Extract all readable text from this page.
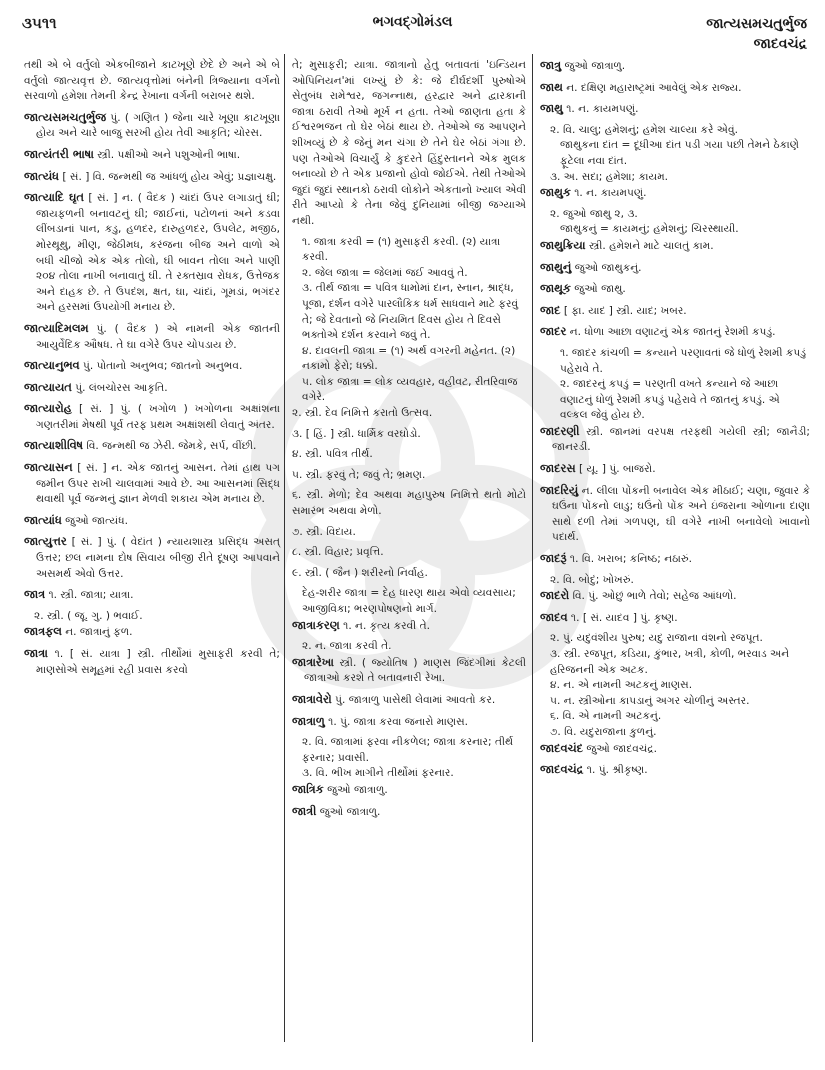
૩૫૧૧	ભગવદ્ગોમંડલ	જાત્યસમચતુર્ભુજ
જાદવચંદ્ર

તથી એ બે વર્તુલો એકબીજાને કાટખૂણે છેદે છે અને એ બે વર્તુલો જાત્યવૃત્ત છે. જાત્યવૃત્તોમાં બંનેની ત્રિજ્યાના વર્ગનો સરવાળો હમેશા તેમની કેન્દ્ર રેખાના વર્ગની બરાબર થશે.

જાત્યસમચતુર્ભુજ પું. ( ગણિત ) જેના ચારે ખૂણા કાટખૂણા હોય અને ચારે બાજુ સરખી હોય તેવી આકૃતિ; ચોરસ.

જાત્યંતરી ભાષા સ્ત્રી. પક્ષીઓ અને પશુઓની ભાષા.

જાત્યંધ [ સં. ] વિ. જન્મથી જ આંધળું હોય એવું; પ્રજ્ઞાચક્ષુ.

જાત્યાદિ ઘૃત [ સં. ] ન. ( વૈદક ) ચાંદાં ઉપર લગાડાતું ઘી; જાયફળની બનાવટનું ઘી; જાઈનાં, પટોળનાં અને કડવા લીંબડાનાં પાન, કડુ, હળદર, દારુહળદર, ઉપલેટ, મજીઠ, મોરથૂથુ, મીણ, જેઠીમધ, કરંજના બીજ અને વાળો એ બધી ચીજો એક એક તોલો, ઘી બાવન તોલા અને પાણી ૨૦૪ તોલા નાખી બનાવાતું ઘી. તે રક્તસ્રાવ રોધક, ઉત્તેજક અને દાહક છે. તે ઉપદંશ, ક્ષત, ઘા, ચાંદાં, ગૂમડાં, ભગંદર અને હરસમાં ઉપયોગી મનાય છે.

જાત્યાદિમલમ પું. ( વૈદક ) એ નામની એક જાતની આયુર્વેદિક ઔષધ. તે ઘા વગેરે ઉપર ચોપડાય છે.

જાત્યાનુભવ પું. પોતાનો અનુભવ; જાતનો અનુભવ.

જાત્યાયત પું. લંબચોરસ આકૃતિ.

જાત્યારોહ [ સં. ] પું. ( ખગોળ ) ખગોળના અક્ષાંશના ગણતરીમાં મેષથી પૂર્વ તરફ પ્રથમ અક્ષાંશથી લેવાતું અંતર.

જાત્યાશીવિષ વિ. જન્મથી જ ઝેરી. જેમકે, સર્પ, વીંછી.

જાત્યાસન [ સં. ] ન. એક જાતનું આસન. તેમાં હાથ પગ જમીન ઉપર રાખી ચાલવામાં આવે છે. આ આસનમાં સિદ્ધ થવાથી પૂર્વ જન્મનું જ્ઞાન મેળવી શકાય એમ મનાય છે.

જાત્યાંધ જુઓ જાત્યંધ.

જાત્યુત્તર [ સં. ] પું. ( વેદાંત ) ન્યાયશાસ્ત્ર પ્રસિદ્ધ અસત્ ઉત્તર; છલ નામના દોષ સિવાય બીજી રીતે દૂષણ આપવાને અસમર્થ એવો ઉત્તર.

જાત્ર ૧. સ્ત્રી. જાત્રા; યાત્રા.

૨. સ્ત્રી. ( જૂ. ગુ. ) ભવાઈ.

જાત્રફલ ન. જાત્રાનું ફળ.

જાત્રા ૧. [ સં. યાત્રા ] સ્ત્રી. તીર્થોમાં મુસાફરી કરવી તે; માણસોએ સમૂહમાં રહી પ્રવાસ કરવો

તે; મુસાફરી; યાત્રા. જાત્રાનો હેતુ બતાવતાં 'ઇન્ડિયન ઓપિનિયન'માં લખ્યું છે કે: જે દીર્ઘદર્શી પુરુષોએ સેતુબંધ રામેશ્વર, જગન્નાથ, હરદ્વાર અને દ્વારકાની જાત્રા ઠરાવી તેઓ મૂર્ખ ન હતા. તેઓ જાણતા હતા કે ઈશ્વરભજન તો ઘેર બેઠાં થાય છે. તેઓએ જ આપણને શીખવ્યું છે કે જેનું મન ચંગા છે તેને ઘેર બેઠાં ગંગા છે. પણ તેઓએ વિચાર્યું કે કુદરતે હિંદુસ્તાનને એક મુલક બનાવ્યો છે તે એક પ્રજાનો હોવો જોઈએ. તેથી તેઓએ જુદાં જુદાં સ્થાનકો ઠરાવી લોકોને એકતાનો ખ્યાલ એવી રીતે આપ્યો કે તેના જેવું દુનિયામાં બીજી જગ્યાએ નથી.

૧. જાત્રા કરવી = (૧) મુસાફરી કરવી. (૨) યાત્રા કરવી.

૨. જેલ જાત્રા = જેલમાં જઈ આવવું તે.

૩. તીર્થ જાત્રા = પવિત્ર ધામોમાં દાન, સ્નાન, શ્રાદ્ધ, પૂજા, દર્શન વગેરે પારલૌકિક ધર્મ સાધવાને માટે ફરવું તે; જે દેવતાનો જે નિયમિત દિવસ હોય તે દિવસે ભક્તોએ દર્શન કરવાને જવું તે.

૪. દાવલની જાત્રા = (૧) અર્થ વગરની મહેનત. (૨) નકામો ફેરો; ધક્કો.

૫. લોક જાત્રા = લોક વ્યવહાર, વહીવટ, રીતરિવાજ વગેરે.

૨. સ્ત્રી. દેવ નિમિત્તે કરાતો ઉત્સવ.

૩. [ હિં. ] સ્ત્રી. ધાર્મિક વરઘોડો.

૪. સ્ત્રી. પવિત્ર તીર્થ.

૫. સ્ત્રી. ફરવું તે; જવું તે; ભ્રમણ.

૬. સ્ત્રી. મેળો; દેવ અથવા મહાપુરુષ નિમિત્તે થતો મોટો સમારંભ અથવા મેળો.

૭. સ્ત્રી. વિદાય.

૮. સ્ત્રી. વિહાર; પ્રવૃત્તિ.

૯. સ્ત્રી. ( જૈન ) શરીરનો નિર્વાહ.

દેહ-શરીર જાત્રા = દેહ ધારણ થાય એવો વ્યવસાય; આજીવિકા; ભરણપોષણનો માર્ગ.

જાત્રાકરણ ૧. ન. કૃત્ય કરવી તે.

૨. ન. જાત્રા કરવી તે.

જાત્રારેખા સ્ત્રી. ( જ્યોતિષ ) માણસ જિંદગીમાં કેટલી જાત્રાઓ કરશે તે બતાવનારી રેખા.

જાત્રાવેરો પું. જાત્રાળુ પાસેથી લેવામાં આવતો કર.

જાત્રાળુ ૧. પું. જાત્રા કરવા જનારો માણસ.

૨. વિ. જાત્રામાં ફરવા નીકળેલ; જાત્રા કરનાર; તીર્થ ફરનાર; પ્રવાસી.

૩. વિ. ભીખ માગીને તીર્થોમાં ફરનાર.

જાત્રિક જુઓ જાત્રાળુ.

જાત્રી જુઓ જાત્રાળુ.

જાત્રુ જુઓ જાત્રાળુ.

જાથ ન. દક્ષિણ મહારાષ્ટ્રમાં આવેલું એક રાજ્ય.

જાથુ ૧. ન. કાયમપણું.

૨. વિ. ચાલુ; હમેશનું; હમેશ ચાલ્યા કરે એવું.

જાથુકના દાંત = દૂધીઆ દાંત પડી ગયા પછી તેમને ઠેકાણે ફૂટેલા નવા દાંત.

૩. અ. સદા; હમેશા; કાયમ.

જાથુક ૧. ન. કાયમપણું.

૨. જુઓ જાથુ ૨, ૩.

જાથુકનું = કાયમનું; હમેશનું; ચિરસ્થાયી.

જાથુક્રિયા સ્ત્રી. હમેશને માટે ચાલતું કામ.

જાથુનું જુઓ જાથુકનું.

જાથૂક જુઓ જાથુ.

જાદ [ ફા. યાદ ] સ્ત્રી. યાદ; ખબર.

જાદર ન. ધોળા આછા વણાટનું એક જાતનું રેશમી કપડું.

૧. જાદર કાંચળી = કન્યાને પરણાવતાં જે ધોળું રેશમી કપડું પહેરાવે તે.

૨. જાદરનું કપડું = પરણતી વખતે કન્યાને જે આછા વણાટનું ધોળું રેશમી કપડું પહેરાવે તે જાતનું કપડું. એ વલ્કલ જેવું હોય છે.

જાદરણી સ્ત્રી. જાનમાં વરપક્ષ તરફથી ગયેલી સ્ત્રી; જાનૈડી; જાનરડી.

જાદરસ [ યૂ. ] પું. બાજરો.

જાદરિયું ન. લીલા પોંકની બનાવેલ એક મીઠાઈ; ચણા, જુવાર કે ઘઉંના પોંકનો લાડુ; ઘઉંનો પોંક અને ઇંજરાના ઓળાના દાણા સાથે દળી તેમાં ગળપણ, ઘી વગેરે નાખી બનાવેલો ખાવાનો પદાર્થ.

જાદરૂં ૧. વિ. ખરાબ; કનિષ્ઠ; નઠારું.

૨. વિ. બોદું; ખોખરું.

જાદરો વિ. પું. ઓછું ભાળે તેવો; સહેજ આંધળો.

જાદવ ૧. [ સં. યાદવ ] પું. કૃષ્ણ.

૨. પું. યદુવંશીય પુરુષ; યદુ રાજાના વંશનો રજપૂત.

૩. સ્ત્રી. રજપૂત, કડિયા, કુંભાર, ખત્રી, કોળી, ભરવાડ અને હરિજનની એક અટક.

૪. ન. એ નામની અટકનું માણસ.

૫. ન. સ્ત્રીઓના કાપડાનું અગર ચોળીનું અસ્તર.

૬. વિ. એ નામની અટકનું.

૭. વિ. યદુરાજાના કુળનું.

જાદવચંદ જુઓ જાદવચંદ્ર.

જાદવચંદ્ર ૧. પું. શ્રીકૃષ્ણ.
